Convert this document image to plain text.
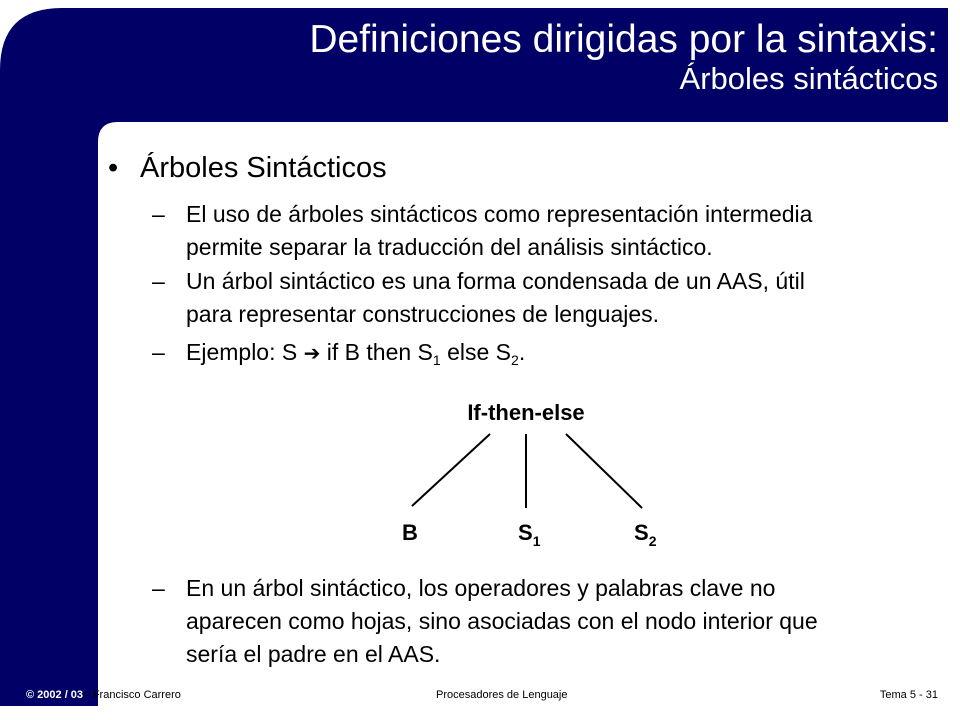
Definiciones dirigidas por la sintaxis:
Árboles sintácticos
• Árboles Sintácticos
– El uso de árboles sintácticos como representación intermedia
permite separar la traducción del análisis sintáctico.
– Un árbol sintáctico es una forma condensada de un AAS, útil
para representar construcciones de lenguajes.
– Ejemplo: S ➔ if B then $S_1$ else $S_2$.
If-then-else
B	$S_1$	$S_2$
– En un árbol sintáctico, los operadores y palabras clave no
aparecen como hojas, sino asociadas con el nodo interior que
sería el padre en el AAS.
© 2002 / 03 - Francisco Carrero	Procesadores de Lenguaje	Tema 5 - 31
